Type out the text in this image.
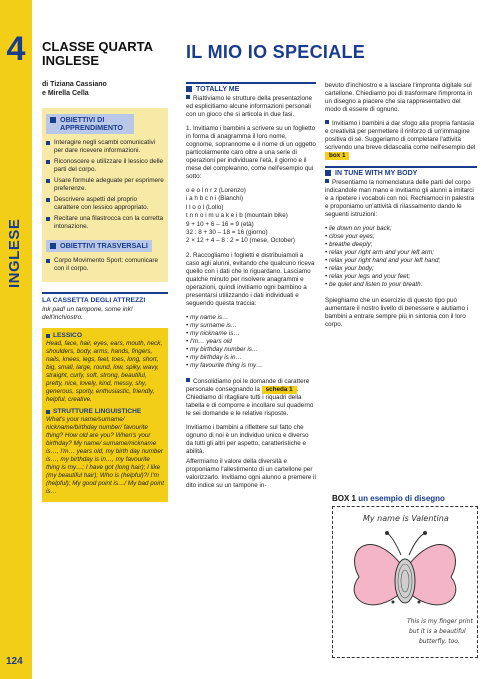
4
INGLESE
124
CLASSE QUARTA
INGLESE
di Tiziana Cassiano
e Mirella Cella
OBIETTIVI DI APPRENDIMENTO
Interagire negli scambi comunicativi per dare ricevere informazioni.
Riconoscere e utilizzare il lessico delle parti del corpo.
Usare formule adeguate per esprimere preferenze.
Descrivere aspetti del proprio carattere con lessico appropriato.
Recitare una filastrocca con la corretta intonazione.
OBIETTIVI TRASVERSALI
Corpo Movimento Sport: comunicare con il corpo.
LA CASSETTA DEGLI ATTREZZI
Ink pad! un tampone, some ink! dell'inchiostro.
LESSICO
Head, face, hair, eyes, ears, mouth, neck, shoulders, body, arms, hands, fingers, nails, knees, legs, feet, toes, long, short, big, small, large, round, low, spiky, wavy, straight, curly, soft, strong, beautiful, pretty, nice, lovely, kind, messy, shy, generous, sporty, enthusiastic, friendly, helpful, creative.
STRUTTURE LINGUISTICHE
What's your name/surname/ nickname/birthday number/ favourite thing? How old are you? When's your birthday? My name/ surname/nickname is…, I'm… years old, my birth day number is…, my birthday is in…, my favourite thing is my…; I have got (long hair); I like (my beautiful hair); Who is (helpful)?/ I'm (helpful); My good point is…/ My bad point is…
IL MIO IO SPECIALE
TOTALLY ME
Riattiviamo le strutture della presentazione ed esplicitiamo alcune informazioni personali con un gioco che si articola in due fasi.
1. Invitiamo i bambini a scrivere su un foglietto in forma di anagramma il loro nome, cognome, soprannome e il nome di un oggetto particolarmente caro oltre a una serie di operazioni per individuare l'età, il giorno e il mese del compleanno, come nell'esempio qui sotto:
o e o l n r z (Lorenzo)
i a h b c n i (Bianchi)
l l o o l (Lollo)
t n n o i m u a k e i b (mountain bike)
9 + 10 + 6 – 16 = 9 (età)
32 : 8 + 30 – 18 = 16 (giorno)
2 × 12 + 4 – 8 : 2 = 10 (mese, October)
2. Raccogliamo i foglietti e distribuiamoli a caso agli alunni, evitando che qualcuno riceva quello con i dati che lo riguardano. Lasciamo qualche minuto per risolvere anagrammi e operazioni, quindi invitiamo ogni bambino a presentarsi utilizzando i dati individuati e seguendo questa traccia:
• my name is…
• my surname is…
• my nickname is…
• I'm… years old
• my birthday number is…
• my birthday is in…
• my favourite thing is my…
Consolidiamo poi le domande di carattere personale consegnando la scheda 1 . Chiediamo di ritagliare tutti i riquadri della tabella e di comporre e incollare sul quaderno le sei domande e le relative risposte.
Invitiamo i bambini a riflettere sul fatto che ognuno di noi è un individuo unico e diverso da tutti gli altri per aspetto, caratteristiche e abilità.
Affermiamo il valore della diversità e proponiamo l'allestimento di un cartellone per valorizzarlo. Invitiamo ogni alunno a premere il dito indice su un tampone in-
bevuto d'inchiostro e a lasciare l'impronta digitale sul cartellone. Chiediamo poi di trasformare l'impronta in un disegno a piacere che sia rappresentativo del modo di essere di ognuno.
Invitiamo i bambini a dar sfogo alla propria fantasia e creatività per permettere il rinforzo di un'immagine positiva di sé. Suggeriamo di completare l'attività scrivendo una breve didascalia come nell'esempio del box 1
IN TUNE WITH MY BODY
Presentiamo la nomenclatura delle parti del corpo indicandole man mano e invitiamo gli alunni a imitarci e a ripetere i vocaboli con noi. Rechiamoci in palestra e proponiamo un'attività di rilassamento dando le seguenti istruzioni:
• lie down on your back;
• close your eyes;
• breathe deeply;
• relax your right arm and your left arm;
• relax your right hand and your left hand;
• relax your body;
• relax your legs and your feet;
• be quiet and listen to your breath.
Spieghiamo che un esercizio di questo tipo può aumentare il nostro livello di benessere e aiutiamo i bambini a entrare sempre più in sintonia con il loro corpo.
BOX 1 un esempio di disegno
My name is Valentina
This is my finger print
but it is a beautiful
butterfly, too.
